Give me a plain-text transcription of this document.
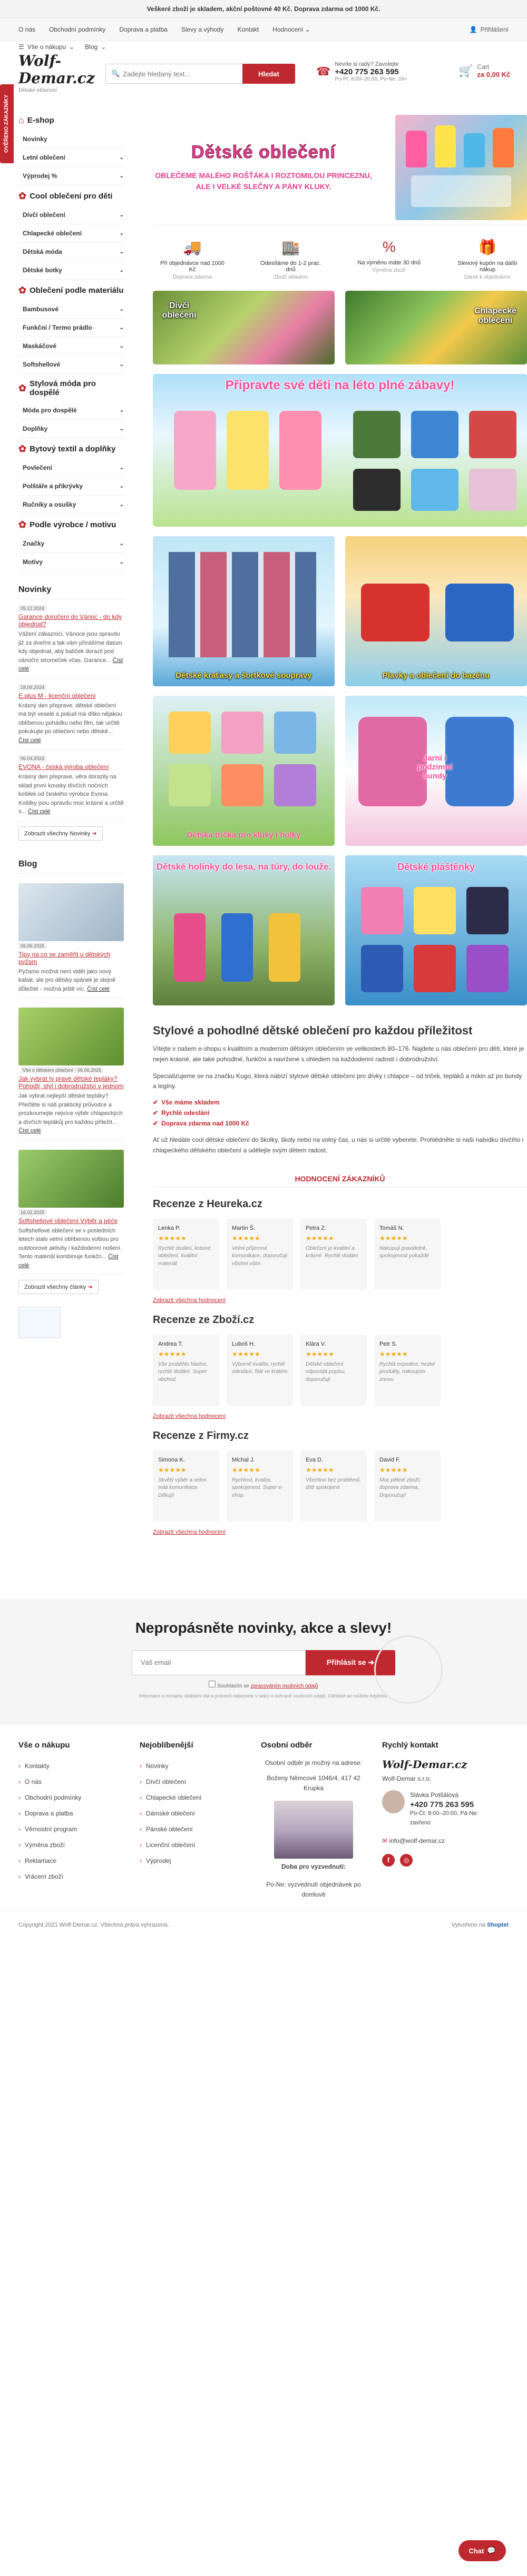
Veškeré zboží je skladem, akční poštovné 40 Kč. Doprava zdarma od 1000 Kč.
O nás Obchodní podmínky Doprava a platba Slevy a výhody Kontakt Hodnocení ⌄	👤 Přihlášení
☰ Vše o nákupu ⌄ Blog ⌄
Wolf-Demar.cz
Dětské oblečení
🔍
Zadejte hledaný text...	Hledat	☎
Nevíte si rady? Zavolejte
+420 775 263 595
Po-Pt: 8:00–20:00, Po-Ne: 24×
🛒 Cart
za 0,00 Kč
OVĚŘENO ZÁKAZNÍKY ⌂ E-shop
Novinky
Letní oblečení	⌄
Výprodej %	⌄
✿ Cool oblečení pro děti
Dívčí oblečení	⌄
Chlapecké oblečení	⌄
Dětská móda	⌄
Dětské botky	⌄
✿ Oblečení podle materiálu
Bambusové	⌄
Funkční / Termo prádlo	⌄
Maskáčové	⌄
Softshellové	⌄
✿ Stylová móda pro dospělé
Móda pro dospělé	⌄
Doplňky	⌄
✿ Bytový textil a doplňky
Povlečení	⌄
Polštáře a přikrývky	⌄
Ručníky a osušky	⌄
✿ Podle výrobce / motivu
Značky	⌄
Motivy	⌄
Novinky
05.12.2024
Garance doručení do Vánoc - do kdy objednat?
Vážení zákazníci, Vánoce jsou opravdu již za dveřmi a tak vám přinášíme datum kdy objednat, aby balíček dorazil pod vánoční stromeček včas. Garance... Číst celé
18.06.2024
E.plus M - licenční oblečení
Krásný den přeprave, dětské oblečení má být veselé a pokud má dítko nějakou oblíbenou pohádku nebo film, tak určitě pokukujte po oblečení nebo dětské... Číst celé
06.04.2023
EVONA - česká výroba oblečení
Krásný den přeprave, věra dorazily na sklad první kousky dívčích nočních košilek od českého výrobce Evona. Košilky jsou opravdu moc krásné a určitě s... Číst celé
Zobrazit všechny Novinky ➜
Blog
06.06.2025
Tipy na co se zaměřit u dětských pyžam
Pyžamo možná není vidět jako nový kabát, ale pro dětský spánek je stejně důležité - možná ještě víc. Číst celé
Vše o dětském oblečení 06.06.2025
Jak vybrat ty pravé dětské tepláky? Pohodlí, styl i dobrodružství v jednom
Jak vybrat nejlepší dětské tepláky? Přečtěte si náš praktický průvodce a prozkoumejte nejvíce výběr chlapeckých a dívčích teplákůj pro každou příležit... Číst celé
16.02.2025
Softshellové oblečení Výběr a péče
Softshellové oblečení se v posledních letech stalo velmi oblíbenou volbou pro outdoorové aktivity i každodenní nošení. Tento materiál kombinuje funkčn... Číst celé
Zobrazit všechny články ➜
Dětské oblečení
OBLEČEME MALÉHO ROŠŤÁKA I ROZTOMILOU PRINCEZNU, ALE I VELKÉ SLEČNY A PÁNY KLUKY.
🚚
Při objednávce nad 1000 Kč
Doprava zdarma
🏬
Odesíláme do 1-2 prac. dnů
Zboží skladem
%
Na výměnu máte 30 dnů
Výměna zboží
🎁
Slevový kupón na další nákup
Dárek k objednávce
Dívčí oblečení	Chlapecké oblečení
Připravte své děti na léto plné zábavy!
Dětské kraťasy a šortkové soupravy	Plavky a oblečení do bazénu
Dětská trička pro kluky i holky
Jarní i podzimní bundy
Dětské holínky do lesa, na túry, do louže.	Dětské pláštěnky
Stylové a pohodlné dětské oblečení pro každou příležitost

Vítejte v našem e-shopu s kvalitním a moderním dětským oblečením ve velikostech 80–176. Najdete u nás oblečení pro děti, které je nejen krásné, ale také pohodlné, funkční a navržené s ohledem na každodenní radosti i dobrodružství.

Specializujeme se na značku Kugo, která nabízí stylové dětské oblečení pro dívky i chlapce – od triček, tepláků a mikin až po bundy a legíny.

✔ Vše máme skladem
✔ Rychlé odeslání
✔ Doprava zdarma nad 1000 Kč

Ať už hledáte cool dětské oblečení do školky, školy nebo na volný čas, u nás si určitě vyberete. Prohlédněte si naši nabídku dívčího i chlapeckého dětského oblečení a udělejte svým dětem radost.

HODNOCENÍ ZÁKAZNÍKŮ
Recenze z Heureka.cz
Lenka P.
★★★★★
Rychlé dodání, krásné oblečení, kvalitní materiál
Martin Š.
★★★★★
Velmi příjemná komunikace, doporučuji všichni vším
Petra Z.
★★★★★
Oblečení je kvalitní a krásné. Rychlé dodání
Tomáš N.
★★★★★
Nakupuji pravidelně, spokojenost pokaždé
Zobrazit všechna hodnocení
Recenze ze Zboží.cz
Andrea T.
★★★★★
Vše proběhlo hladce, rychlé dodání. Super obchod.
Luboš H.
★★★★★
Výborně kvalita, rychlé odeslání, fitál ve krátém
Klára V.
★★★★★
Dětské oblečení odpovídá popisu, doporučuji
Petr S.
★★★★★
Rychlá expedice, hezké produkty, nakoupím znovu
Zobrazit všechna hodnocení
Recenze z Firmy.cz
Simona K.
★★★★★
Skvělý výběr a velmi milá komunikace. Děkuji!
Michal J.
★★★★★
Rychlost, kvalita, spokojenost. Super e-shop.
Eva D.
★★★★★
Všechno bez problémů, dítě spokojené
David F.
★★★★★
Moc pěkné zboží, doprava zdarma, Doporučuji!
Zobrazit všechna hodnocení
Nepropásněte novinky, akce a slevy!
Váš email
Přihlásit se ➜
Souhlasím se zpracováním osobních údajů
Informace o rozsahu ukládání dat a právech naleznete v sekci o ochraně osobních údajů. Odhlásit se můžete kdykoliv.
Vše o nákupu
› Kontakty
› O nás
› Obchodní podmínky
› Doprava a platba
› Věrnostní program
› Výměna zboží
› Reklamace
› Vrácení zboží
Nejoblíbenější
› Novinky
› Dívčí oblečení
› Chlapecké oblečení
› Dámské oblečení
› Pánské oblečení
› Licenční oblečení
› Výprodej
Osobní odběr
Osobní odběr je možný na adrese:
Boženy Němcové 1046/4, 417 42 Krupka
Doba pro vyzvednutí:
Po-Ne: vyzvednutí objednávek po domluvě
Rychlý kontakt
Wolf-Demar.cz
Wolf-Demar s.r.o.
Slávka Potšálová
+420 775 263 595
Po-Čt: 8:00–20:00, Pá-Ne: zavřeno
✉ info@wolf-demar.cz
f	◎
Copyright 2021 Wolf-Demar.cz. Všechna práva vyhrazena.	Vytvořeno na Shoptet
Chat 💬
